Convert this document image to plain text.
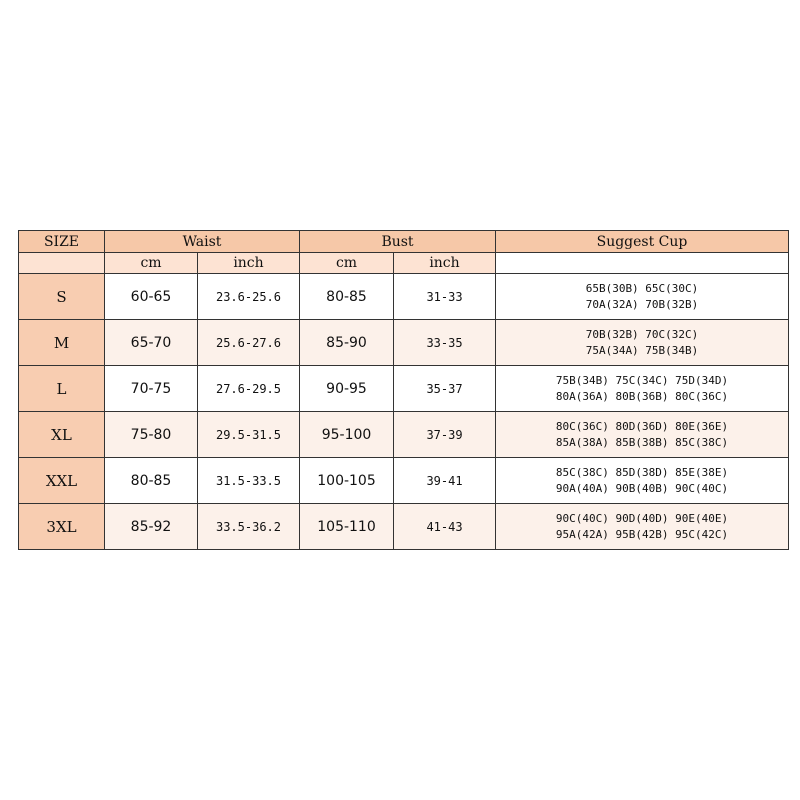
SIZE	Waist		Bust		Suggest Cup
	cm	inch	cm	inch	
S	60-65	23.6-25.6	80-85	31-33	65B(30B) 65C(30C)
70A(32A) 70B(32B)

M	65-70	25.6-27.6	85-90	33-35	70B(32B) 70C(32C)
75A(34A) 75B(34B)

L	70-75	27.6-29.5	90-95	35-37	75B(34B) 75C(34C) 75D(34D)
80A(36A) 80B(36B) 80C(36C)

XL	75-80	29.5-31.5	95-100	37-39	80C(36C) 80D(36D) 80E(36E)
85A(38A) 85B(38B) 85C(38C)

XXL	80-85	31.5-33.5	100-105	39-41	85C(38C) 85D(38D) 85E(38E)
90A(40A) 90B(40B) 90C(40C)

3XL	85-92	33.5-36.2	105-110	41-43	90C(40C) 90D(40D) 90E(40E)
95A(42A) 95B(42B) 95C(42C)
